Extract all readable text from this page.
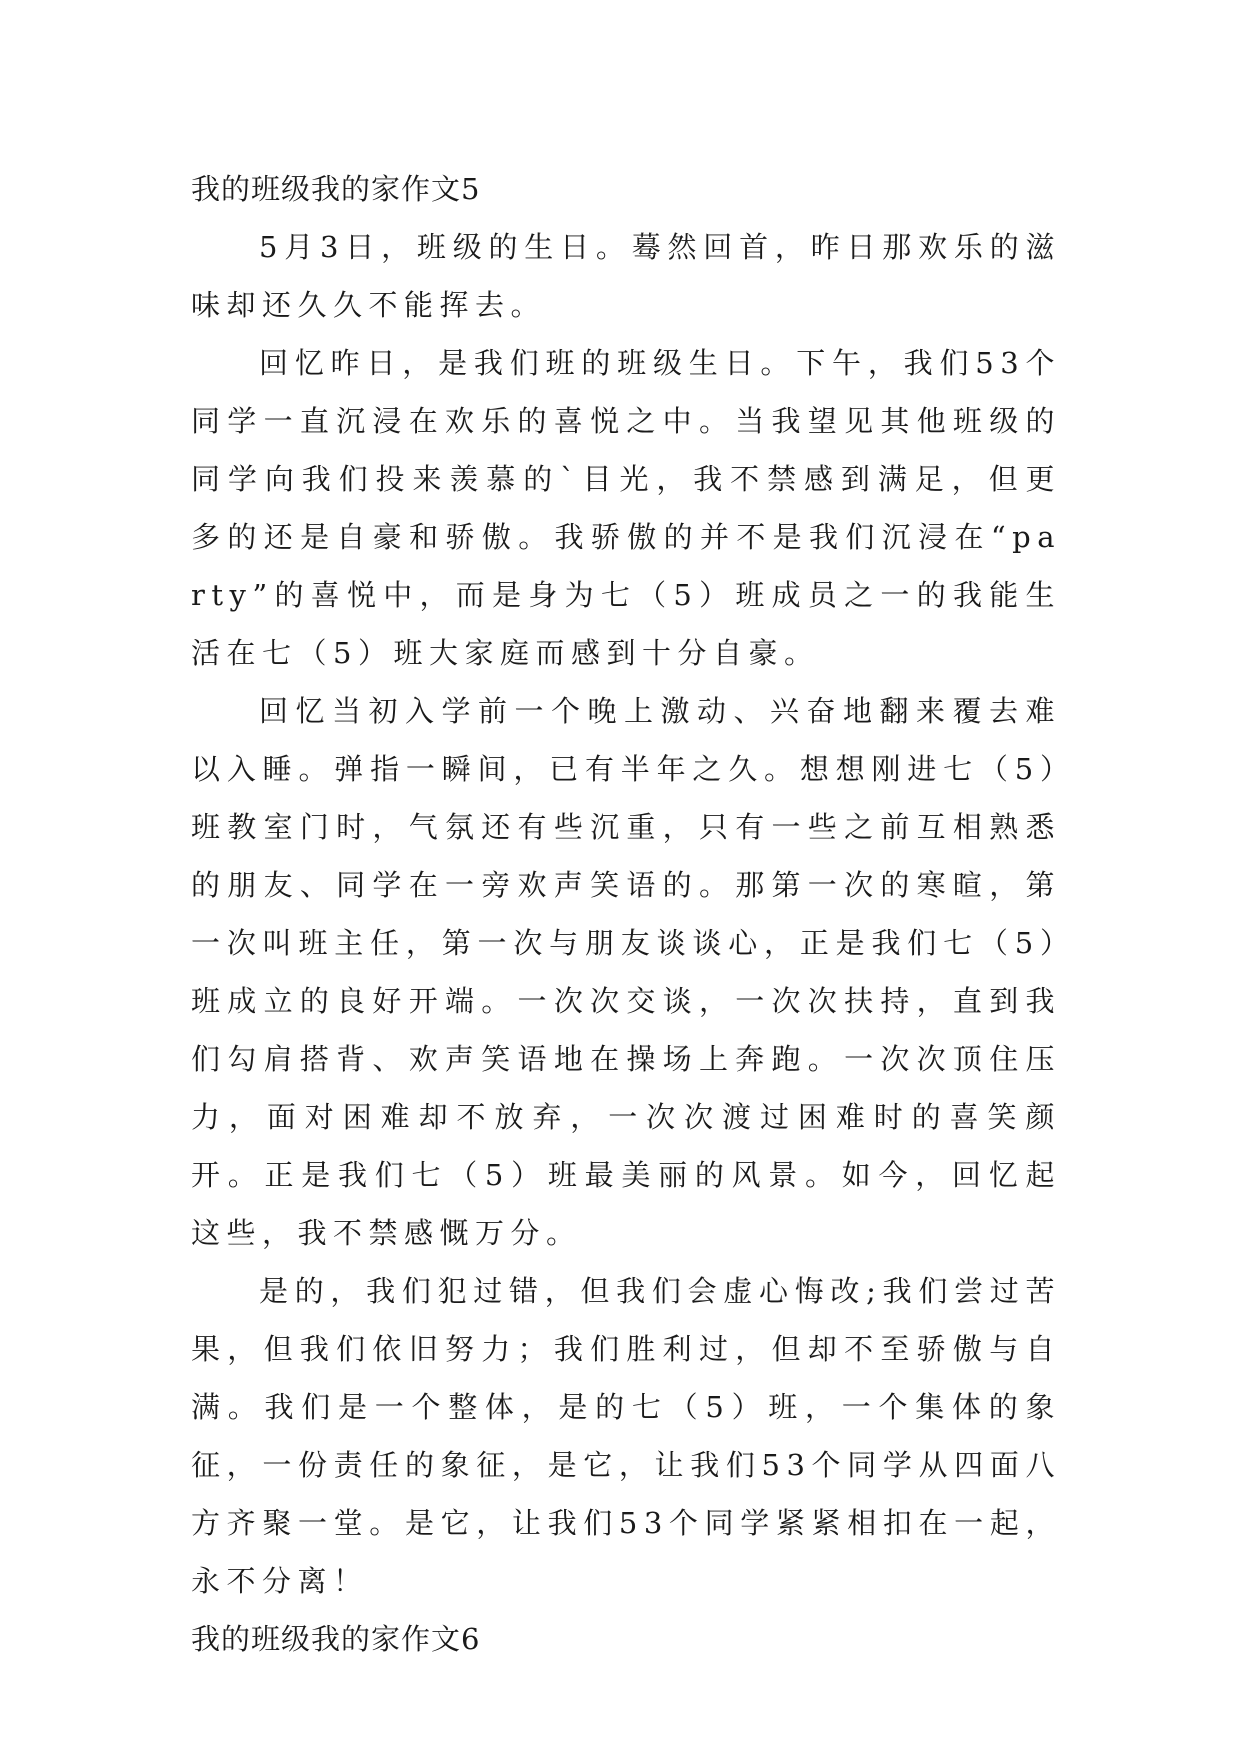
我的班级我的家作文5

5月3日，班级的生日。蓦然回首，昨日那欢乐的滋味却还久久不能挥去。

回忆昨日，是我们班的班级生日。下午，我们53个同学一直沉浸在欢乐的喜悦之中。当我望见其他班级的同学向我们投来羡慕的`目光，我不禁感到满足，但更多的还是自豪和骄傲。我骄傲的并不是我们沉浸在“party”的喜悦中，而是身为七（5）班成员之一的我能生活在七（5）班大家庭而感到十分自豪。

回忆当初入学前一个晚上激动、兴奋地翻来覆去难以入睡。弹指一瞬间，已有半年之久。想想刚进七（5）班教室门时，气氛还有些沉重，只有一些之前互相熟悉的朋友、同学在一旁欢声笑语的。那第一次的寒暄，第一次叫班主任，第一次与朋友谈谈心，正是我们七（5）班成立的良好开端。一次次交谈，一次次扶持，直到我们勾肩搭背、欢声笑语地在操场上奔跑。一次次顶住压力，面对困难却不放弃，一次次渡过困难时的喜笑颜开。正是我们七（5）班最美丽的风景。如今，回忆起这些，我不禁感慨万分。

是的，我们犯过错，但我们会虚心悔改;我们尝过苦果，但我们依旧努力；我们胜利过，但却不至骄傲与自满。我们是一个整体，是的七（5）班，一个集体的象征，一份责任的象征，是它，让我们53个同学从四面八方齐聚一堂。是它，让我们53个同学紧紧相扣在一起，永不分离！

我的班级我的家作文6
